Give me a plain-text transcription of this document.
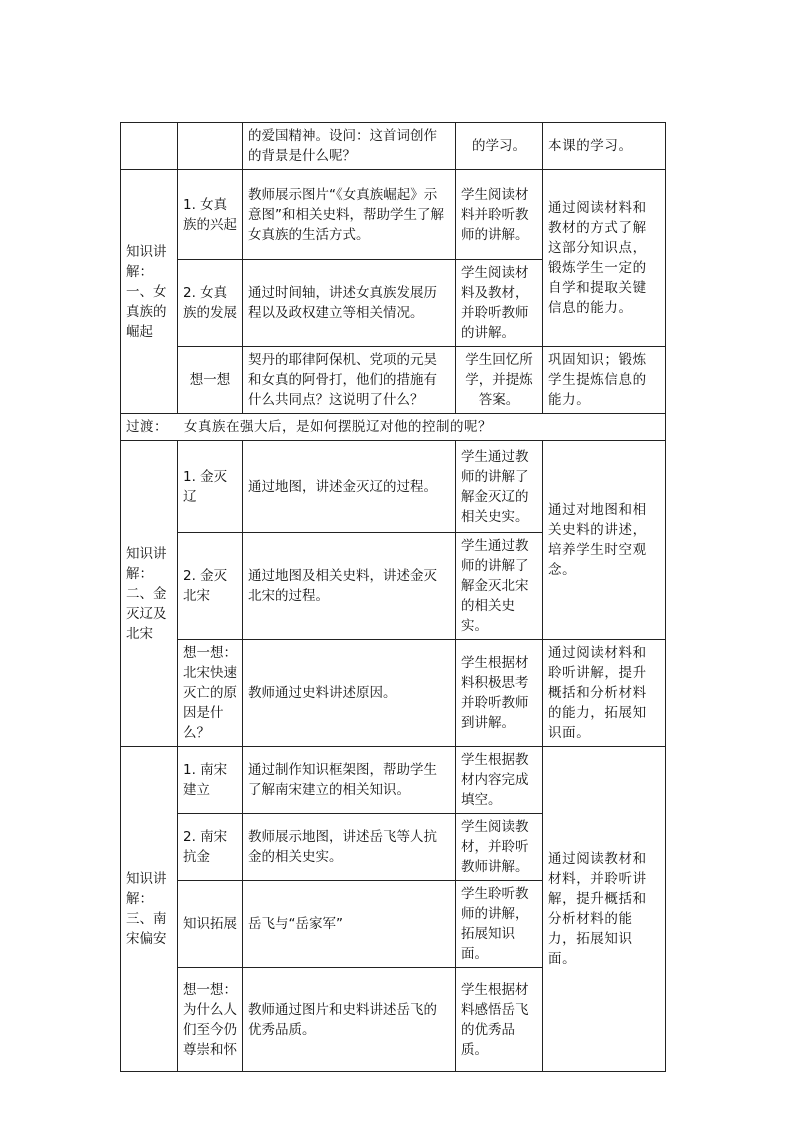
		的爱国精神。设问：这首词创作的背景是什么呢？	的学习。	本课的学习。
知识讲解：一、女真族的崛起	1. 女真族的兴起	教师展示图片“《女真族崛起》示意图”和相关史料，帮助学生了解女真族的生活方式。	学生阅读材料并聆听教师的讲解。	通过阅读材料和教材的方式了解这部分知识点，锻炼学生一定的自学和提取关键信息的能力。
	2. 女真族的发展	通过时间轴，讲述女真族发展历程以及政权建立等相关情况。	学生阅读材料及教材，并聆听教师的讲解。	
	想一想	契丹的耶律阿保机、党项的元昊和女真的阿骨打，他们的措施有什么共同点？这说明了什么？	学生回忆所学，并提炼答案。	巩固知识；锻炼学生提炼信息的能力。
过渡： 女真族在强大后，是如何摆脱辽对他的控制的呢？				
知识讲解：二、金灭辽及北宋	1. 金灭辽	通过地图，讲述金灭辽的过程。	学生通过教师的讲解了解金灭辽的相关史实。	通过对地图和相关史料的讲述，培养学生时空观念。
	2. 金灭北宋	通过地图及相关史料，讲述金灭北宋的过程。	学生通过教师的讲解了解金灭北宋的相关史实。	
	想一想：北宋快速灭亡的原因是什么？	教师通过史料讲述原因。	学生根据材料积极思考并聆听教师到讲解。	通过阅读材料和聆听讲解，提升概括和分析材料的能力，拓展知识面。
知识讲解：三、南宋偏安	1. 南宋建立	通过制作知识框架图，帮助学生了解南宋建立的相关知识。	学生根据教材内容完成填空。	通过阅读教材和材料，并聆听讲解，提升概括和分析材料的能力，拓展知识面。
	2. 南宋抗金	教师展示地图，讲述岳飞等人抗金的相关史实。	学生阅读教材，并聆听教师讲解。	
	知识拓展	岳飞与“岳家军”	学生聆听教师的讲解，拓展知识面。	
	想一想：为什么人们至今仍尊崇和怀	教师通过图片和史料讲述岳飞的优秀品质。	学生根据材料感悟岳飞的优秀品质。	
